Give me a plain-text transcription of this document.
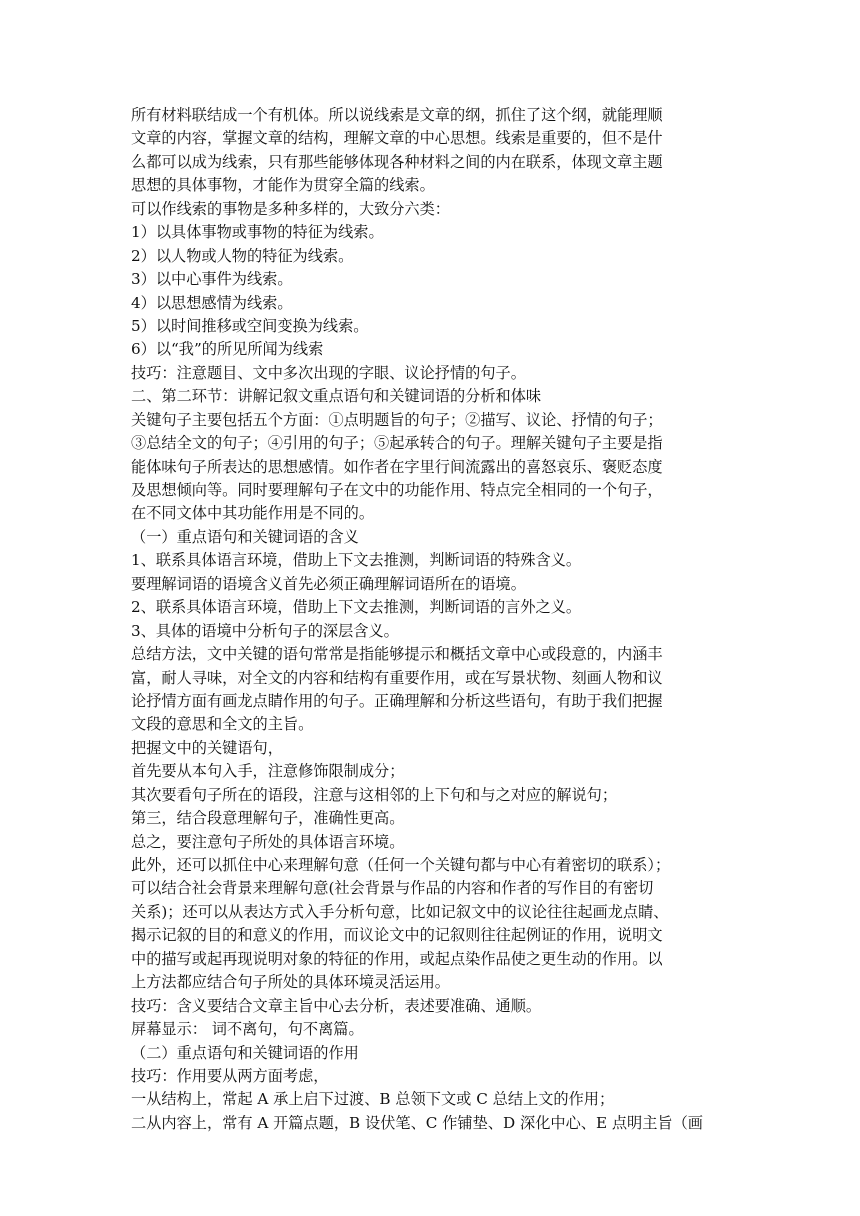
所有材料联结成一个有机体。所以说线索是文章的纲，抓住了这个纲，就能理顺
文章的内容，掌握文章的结构，理解文章的中心思想。线索是重要的，但不是什
么都可以成为线索，只有那些能够体现各种材料之间的内在联系，体现文章主题
思想的具体事物，才能作为贯穿全篇的线索。
可以作线索的事物是多种多样的，大致分六类：
1）以具体事物或事物的特征为线索。
2）以人物或人物的特征为线索。
3）以中心事件为线索。
4）以思想感情为线索。
5）以时间推移或空间变换为线索。
6）以“我”的所见所闻为线索
技巧：注意题目、文中多次出现的字眼、议论抒情的句子。
二、第二环节：讲解记叙文重点语句和关键词语的分析和体味
关键句子主要包括五个方面：①点明题旨的句子；②描写、议论、抒情的句子；
③总结全文的句子；④引用的句子；⑤起承转合的句子。理解关键句子主要是指
能体味句子所表达的思想感情。如作者在字里行间流露出的喜怒哀乐、褒贬态度
及思想倾向等。同时要理解句子在文中的功能作用、特点完全相同的一个句子，
在不同文体中其功能作用是不同的。
（一）重点语句和关键词语的含义
1、联系具体语言环境，借助上下文去推测，判断词语的特殊含义。
要理解词语的语境含义首先必须正确理解词语所在的语境。
2、联系具体语言环境，借助上下文去推测，判断词语的言外之义。
3、具体的语境中分析句子的深层含义。
总结方法，文中关键的语句常常是指能够提示和概括文章中心或段意的，内涵丰
富，耐人寻味，对全文的内容和结构有重要作用，或在写景状物、刻画人物和议
论抒情方面有画龙点睛作用的句子。正确理解和分析这些语句，有助于我们把握
文段的意思和全文的主旨。
把握文中的关键语句，
首先要从本句入手，注意修饰限制成分；
其次要看句子所在的语段，注意与这相邻的上下句和与之对应的解说句；
第三，结合段意理解句子，准确性更高。
总之，要注意句子所处的具体语言环境。
此外，还可以抓住中心来理解句意（任何一个关键句都与中心有着密切的联系）；
可以结合社会背景来理解句意(社会背景与作品的内容和作者的写作目的有密切
关系)；还可以从表达方式入手分析句意，比如记叙文中的议论往往起画龙点睛、
揭示记叙的目的和意义的作用，而议论文中的记叙则往往起例证的作用，说明文
中的描写或起再现说明对象的特征的作用，或起点染作品使之更生动的作用。以
上方法都应结合句子所处的具体环境灵活运用。
技巧：含义要结合文章主旨中心去分析，表述要准确、通顺。
屏幕显示： 词不离句，句不离篇。
（二）重点语句和关键词语的作用
技巧：作用要从两方面考虑，
一从结构上，常起 A 承上启下过渡、B 总领下文或 C 总结上文的作用；
二从内容上，常有 A 开篇点题，B 设伏笔、C 作铺垫、D 深化中心、E 点明主旨（画
